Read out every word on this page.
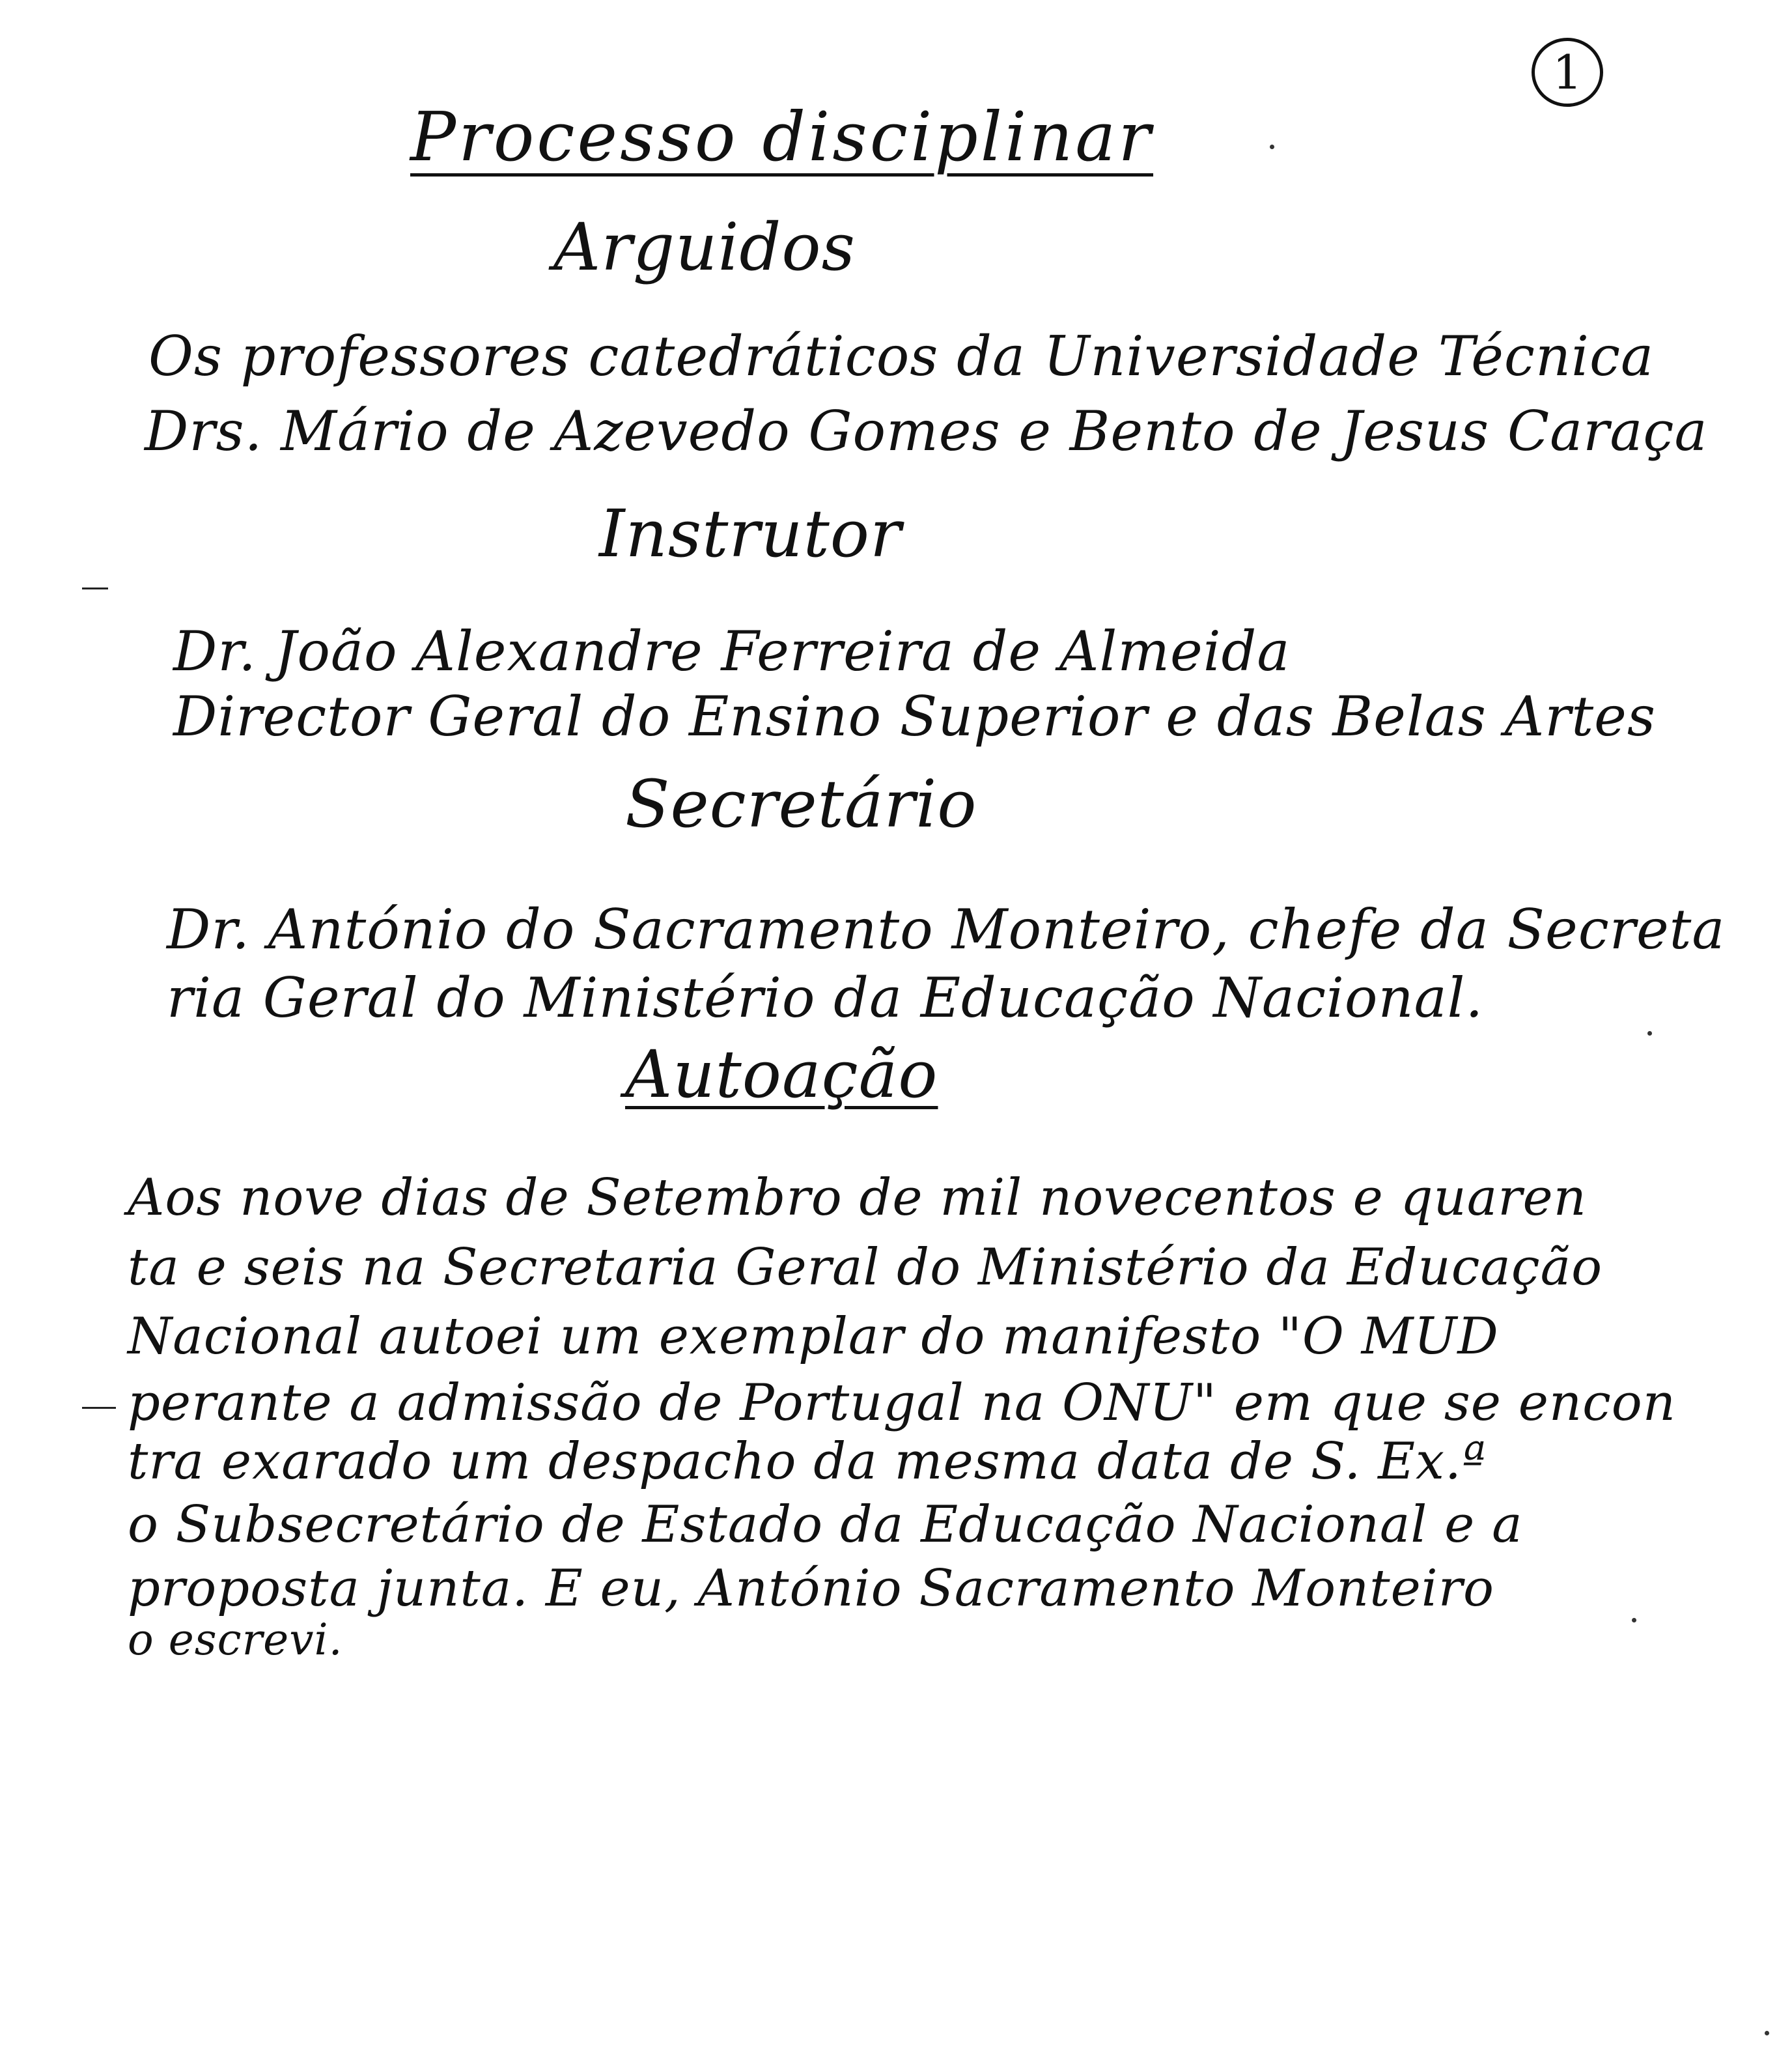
1
Processo disciplinar
Arguidos
Os professores catedráticos da Universidade Técnica
Drs. Mário de Azevedo Gomes e Bento de Jesus Caraça
Instrutor
Dr. João Alexandre Ferreira de Almeida
Director Geral do Ensino Superior e das Belas Artes
Secretário
Dr. António do Sacramento Monteiro, chefe da Secreta
ria Geral do Ministério da Educação Nacional.
Autoação
Aos nove dias de Setembro de mil novecentos e quaren
ta e seis na Secretaria Geral do Ministério da Educação
Nacional autoei um exemplar do manifesto "O MUD
perante a admissão de Portugal na ONU" em que se encon
tra exarado um despacho da mesma data de S. Ex.ª
o Subsecretário de Estado da Educação Nacional e a
proposta junta. E eu, António Sacramento Monteiro
o escrevi.
